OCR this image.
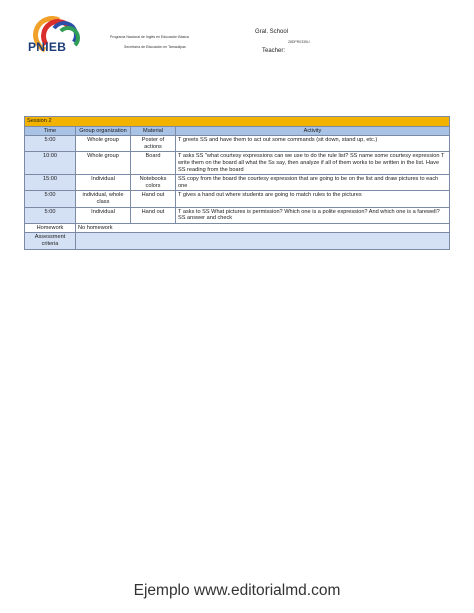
PNIEB
Programa Nacional de Inglés en Educación Básica
Secretaría de Educación en Tamaulipas
Gral. School
28DPR0335U
Teacher:
Session 2			
Time	Group organization	Material	Activity
5:00	Whole group	Poster of actions	T greets SS and have them to act out some commands (sit down, stand up, etc.)
10:00	Whole group	Board	T asks SS "what courtesy expressions can we use to do the rule list? SS name some courtesy expression T write them on the board all what the Ss say, then analyze if all of them works to be written in the list. Have SS reading from the board
15:00	Individual	Notebooks colors	SS copy from the board the courtesy expression that are going to be on the list and draw pictures to each one
5:00	individual, whole class	Hand out	T gives a hand out where students are going to match rules to the pictures
5:00	Individual	Hand out	T asks to SS What pictures is permission? Which one is a polite expression? And which one is a farewell? SS answer and check
Homework	No homework		
Assessment criteria			
Ejemplo www.editorialmd.com
